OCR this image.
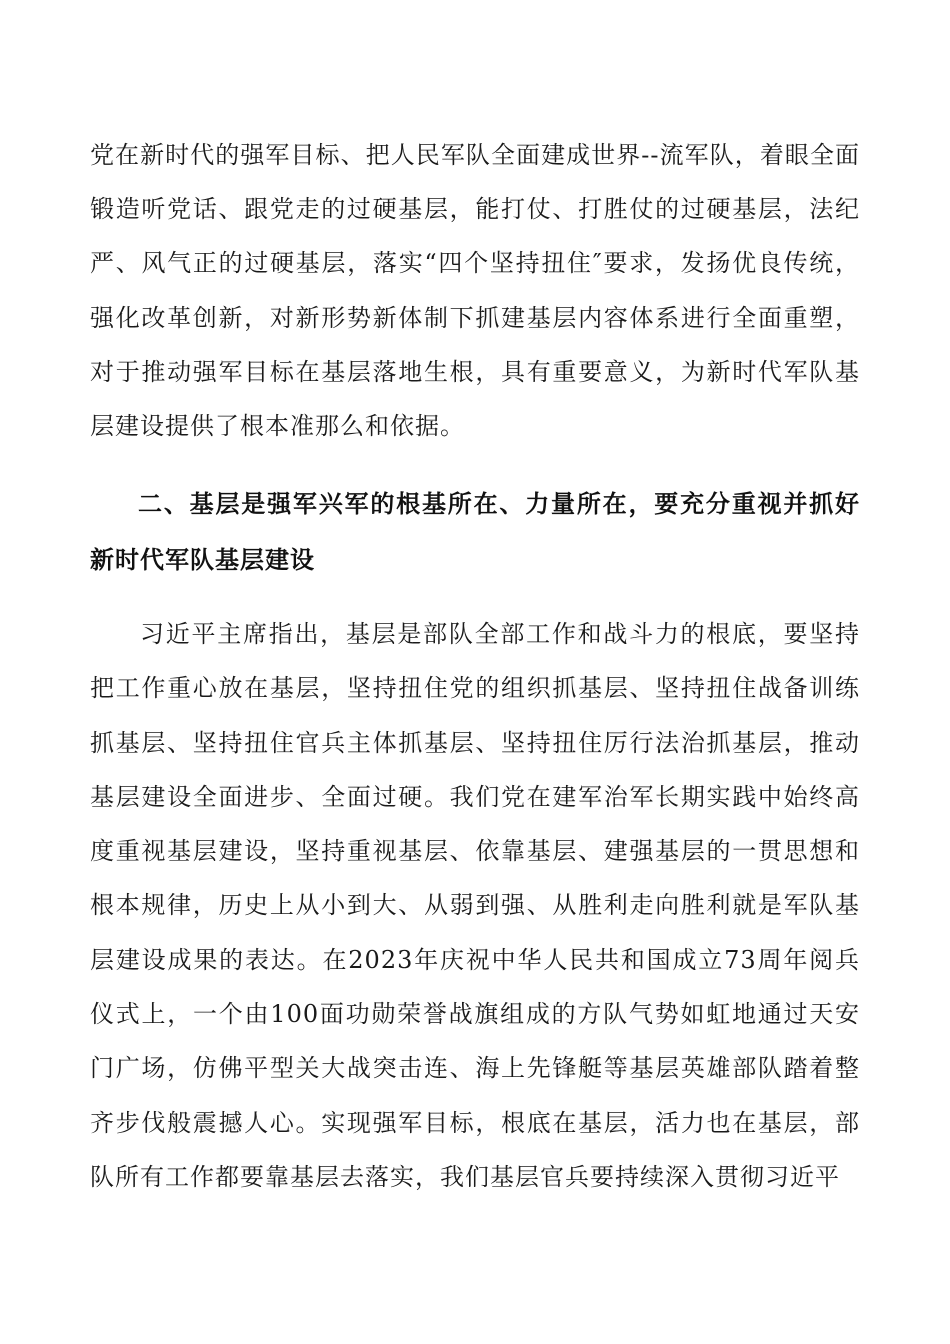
党在新时代的强军目标、把人民军队全面建成世界--流军队，着眼全面锻造听党话、跟党走的过硬基层，能打仗、打胜仗的过硬基层，法纪严、风气正的过硬基层，落实“四个坚持扭住″要求，发扬优良传统，强化改革创新，对新形势新体制下抓建基层内容体系进行全面重塑，对于推动强军目标在基层落地生根，具有重要意义，为新时代军队基层建设提供了根本准那么和依据。

二、基层是强军兴军的根基所在、力量所在，要充分重视并抓好新时代军队基层建设

习近平主席指出，基层是部队全部工作和战斗力的根底，要坚持把工作重心放在基层，坚持扭住党的组织抓基层、坚持扭住战备训练抓基层、坚持扭住官兵主体抓基层、坚持扭住厉行法治抓基层，推动基层建设全面进步、全面过硬。我们党在建军治军长期实践中始终高度重视基层建设，坚持重视基层、依靠基层、建强基层的一贯思想和根本规律，历史上从小到大、从弱到强、从胜利走向胜利就是军队基层建设成果的表达。在2023年庆祝中华人民共和国成立73周年阅兵仪式上，一个由100面功勋荣誉战旗组成的方队气势如虹地通过天安门广场，仿佛平型关大战突击连、海上先锋艇等基层英雄部队踏着整齐步伐般震撼人心。实现强军目标，根底在基层，活力也在基层，部队所有工作都要靠基层去落实，我们基层官兵要持续深入贯彻习近平
